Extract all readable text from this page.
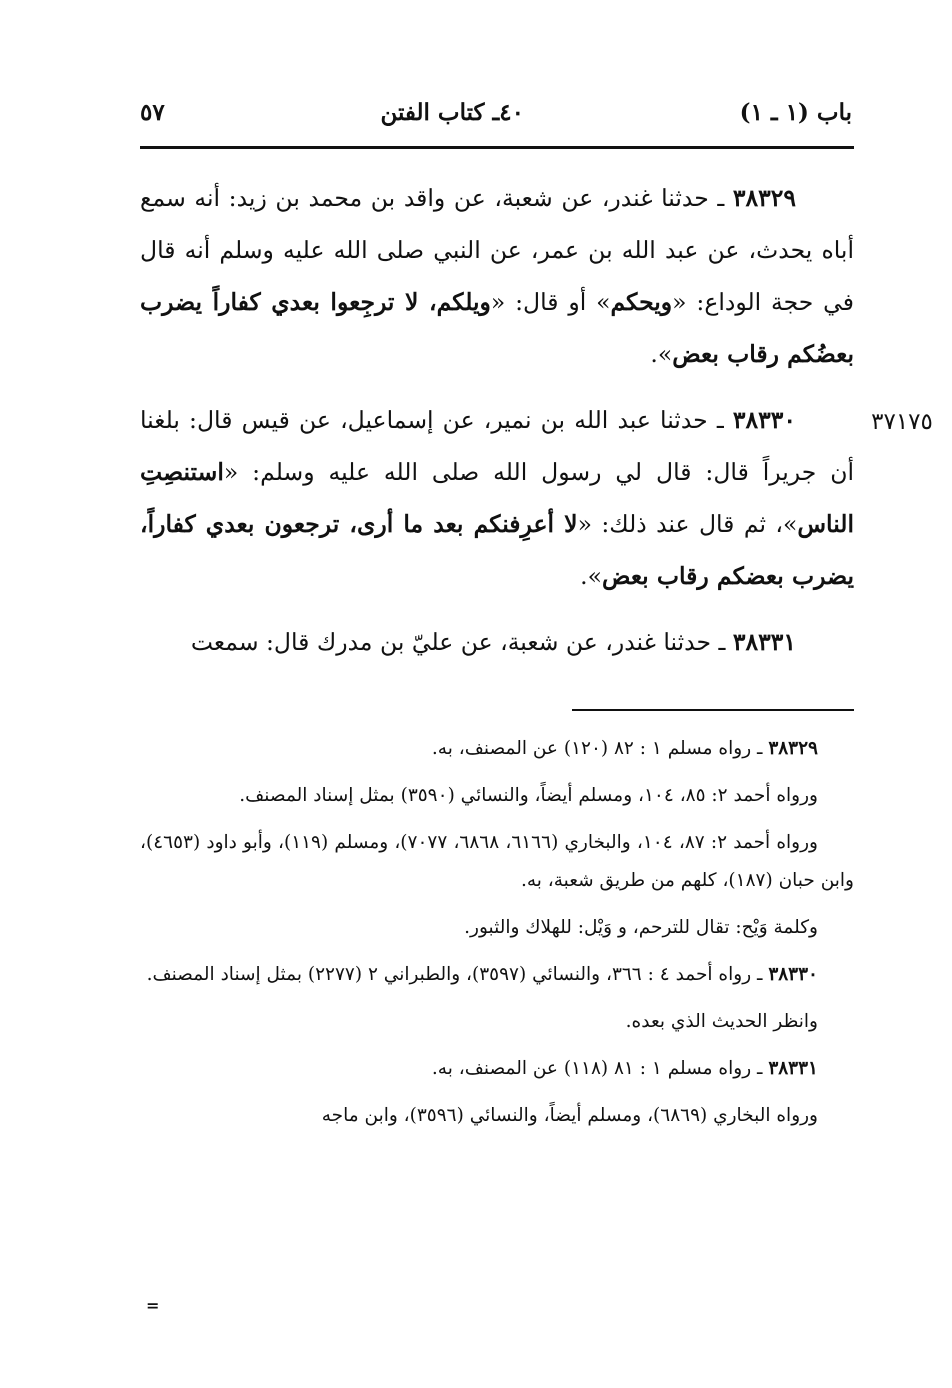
باب (١ ـ ١)
٤٠ـ كتاب الفتن
٥٧

٣٨٣٢٩ ـ حدثنا غندر، عن شعبة، عن واقد بن محمد بن زيد: أنه سمع أباه يحدث، عن عبد الله بن عمر، عن النبي صلى الله عليه وسلم أنه قال في حجة الوداع: «ويحكم» أو قال: «ويلكم، لا ترجِعوا بعدي كفاراً يضرب بعضُكم رقاب بعض».

٣٨٣٣٠ ـ حدثنا عبد الله بن نمير، عن إسماعيل، عن قيس قال: بلغنا أن جريراً قال: قال لي رسول الله صلى الله عليه وسلم: «استنصِتِ الناس»، ثم قال عند ذلك: «لا أعرِفنكم بعد ما أرى، ترجعون بعدي كفاراً، يضرب بعضكم رقاب بعض».

٣٨٣٣١ ـ حدثنا غندر، عن شعبة، عن عليّ بن مدرك قال: سمعت

٣٧١٧٥

٣٨٣٢٩ ـ رواه مسلم ١ : ٨٢ (١٢٠) عن المصنف، به.

ورواه أحمد ٢: ٨٥، ١٠٤، ومسلم أيضاً، والنسائي (٣٥٩٠) بمثل إسناد المصنف.

ورواه أحمد ٢: ٨٧، ١٠٤، والبخاري (٦١٦٦، ٦٨٦٨، ٧٠٧٧)، ومسلم (١١٩)، وأبو داود (٤٦٥٣)، وابن حبان (١٨٧)، كلهم من طريق شعبة، به.

وكلمة وَيْح: تقال للترحم، و وَيْل: للهلاك والثبور.

٣٨٣٣٠ ـ رواه أحمد ٤ : ٣٦٦، والنسائي (٣٥٩٧)، والطبراني ٢ (٢٢٧٧) بمثل إسناد المصنف.

وانظر الحديث الذي بعده.

٣٨٣٣١ ـ رواه مسلم ١ : ٨١ (١١٨) عن المصنف، به.

ورواه البخاري (٦٨٦٩)، ومسلم أيضاً، والنسائي (٣٥٩٦)، وابن ماجه

=
